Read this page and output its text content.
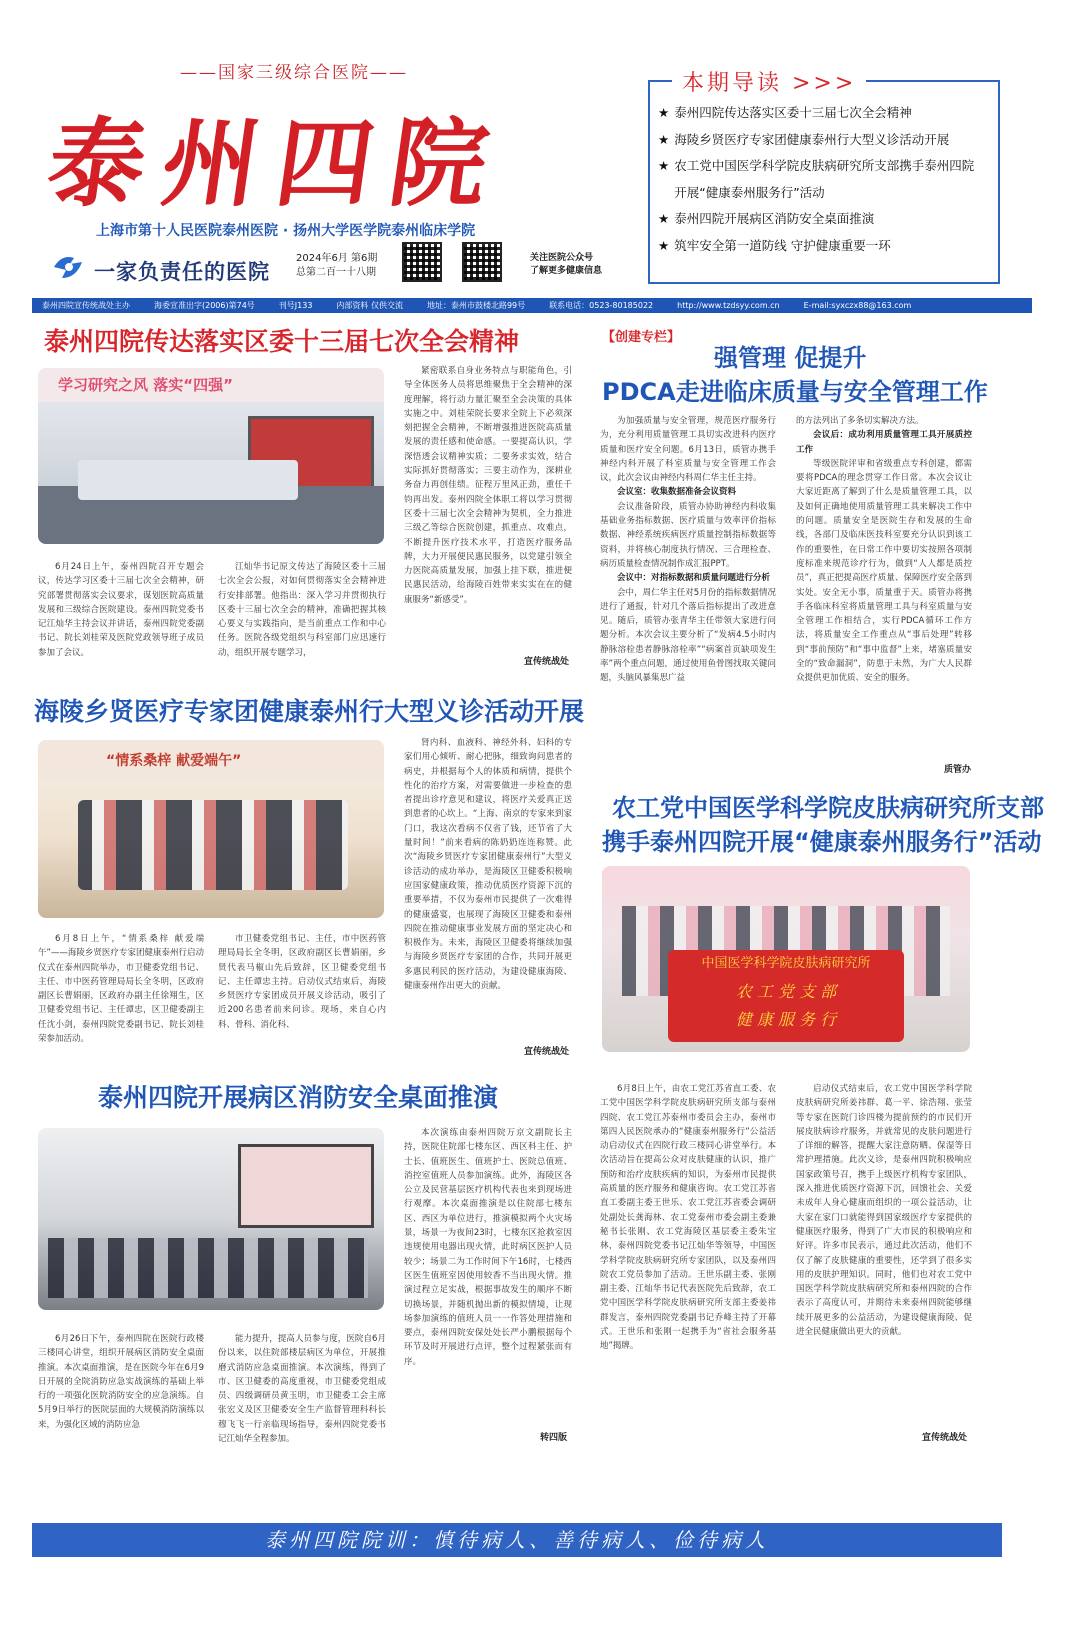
——国家三级综合医院——
泰州四院
上海市第十人民医院泰州医院 · 扬州大学医学院泰州临床学院
一家负责任的医院
2024年6月 第6期
总第二百一十八期
关注医院公众号
了解更多健康信息
本期导读 >>>
★ 泰州四院传达落实区委十三届七次全会精神
★ 海陵乡贤医疗专家团健康泰州行大型义诊活动开展
★ 农工党中国医学科学院皮肤病研究所支部携手泰州四院
开展“健康泰州服务行”活动
★ 泰州四院开展病区消防安全桌面推演
★ 筑牢安全第一道防线 守护健康重要一环
泰州四院宣传统战处主办	海委宣准出字(2006)第74号	刊号J133	内部资料 仅供交流	地址：泰州市鼓楼北路99号	联系电话：0523-80185022	http://www.tzdsyy.com.cn	E-mail:syxczx88@163.com
泰州四院传达落实区委十三届七次全会精神
学习研究之风 落实“四强”

6月24日上午，泰州四院召开专题会议，传达学习区委十三届七次全会精神，研究部署贯彻落实会议要求，谋划医院高质量发展和三级综合医院建设。泰州四院党委书记江灿华主持会议并讲话，泰州四院党委副书记、院长刘桂荣及医院党政领导班子成员参加了会议。

江灿华书记原文传达了海陵区委十三届七次全会公报，对如何贯彻落实全会精神进行安排部署。他指出：深入学习并贯彻执行区委十三届七次全会的精神，准确把握其核心要义与实践指向，是当前重点工作和中心任务。医院各级党组织与科室部门应迅速行动，组织开展专题学习，

紧密联系自身业务特点与职能角色，引导全体医务人员将思维聚焦于全会精神的深度理解，将行动力量汇聚至全会决策的具体实施之中。刘桂荣院长要求全院上下必须深刻把握全会精神，不断增强推进医院高质量发展的责任感和使命感。一要提高认识，学深悟透会议精神实质；二要务求实效，结合实际抓好贯彻落实；三要主动作为，深耕业务奋力再创佳绩。征程万里风正劲，重任千钧再出发。泰州四院全体职工将以学习贯彻区委十三届七次全会精神为契机，全力推进三级乙等综合医院创建，抓重点、攻难点，不断提升医疗技术水平，打造医疗服务品牌，大力开展便民惠民服务，以党建引领全力医院高质量发展，加强上挂下联，推进便民惠民活动，给海陵百姓带来实实在在的健康服务“新感受”。

宣传统战处
海陵乡贤医疗专家团健康泰州行大型义诊活动开展
“情系桑梓 献爱端午”

6月8日上午，“情系桑梓 献爱端午”——海陵乡贤医疗专家团健康泰州行启动仪式在泰州四院举办，市卫健委党组书记、主任、市中医药管理局局长全冬明，区政府副区长曹娟丽，区政府办副主任徐翔生，区卫健委党组书记、主任谭忠，区卫健委副主任沈小剑，泰州四院党委副书记、院长刘桂荣参加活动。

市卫健委党组书记、主任，市中医药管理局局长全冬明，区政府副区长曹娟丽，乡贤代表马椒山先后致辞，区卫健委党组书记、主任谭忠主持。启动仪式结束后，海陵乡贤医疗专家团成员开展义诊活动，吸引了近200名患者前来问诊。现场，来自心内科、骨科、消化科、

肾内科、血液科、神经外科、妇科的专家们用心倾听、耐心把脉，细致询问患者的病史，并根据每个人的体质和病情，提供个性化的治疗方案，对需要做进一步检查的患者提出诊疗意见和建议，将医疗关爱真正送到患者的心坎上。“上海、南京的专家来到家门口，我这次看病不仅省了钱，还节省了大量时间！”前来看病的陈奶奶连连称赞。此次“海陵乡贤医疗专家团健康泰州行”大型义诊活动的成功举办，是海陵区卫健委积极响应国家健康政策，推动优质医疗资源下沉的重要举措，不仅为泰州市民提供了一次难得的健康盛宴，也展现了海陵区卫健委和泰州四院在推动健康事业发展方面的坚定决心和积极作为。未来，海陵区卫健委将继续加强与海陵乡贤医疗专家团的合作，共同开展更多惠民利民的医疗活动，为建设健康海陵、健康泰州作出更大的贡献。

宣传统战处
泰州四院开展病区消防安全桌面推演

6月26日下午，泰州四院在医院行政楼三楼同心讲堂，组织开展病区消防安全桌面推演。本次桌面推演，是在医院今年在6月9日开展的全院消防应急实战演练的基础上举行的一项强化医院消防安全的应急演练。自5月9日举行的医院层面的大规模消防演练以来，为强化区域的消防应急

能力提升，提高人员参与度，医院自6月份以来，以住院部楼层病区为单位，开展推磨式消防应急桌面推演。本次演练，得到了市、区卫健委的高度重视，市卫健委党组成员、四级调研员黄玉明，市卫健委工会主席张宏义及区卫健委安全生产监督管理科科长穆飞飞一行亲临现场指导，泰州四院党委书记江灿华全程参加。

本次演练由泰州四院万京文副院长主持，医院住院部七楼东区、西区科主任、护士长、值班医生、值班护士、医院总值班、消控室值班人员参加演练。此外，海陵区各公立及民营基层医疗机构代表也来到现场进行观摩。本次桌面推演是以住院部七楼东区、西区为单位进行，推演模拟两个火灾场景，场景一为夜间23时，七楼东区抢救室因违规使用电器出现火情，此时病区医护人员较少；场景二为工作时间下午16时，七楼西区医生值班室因使用较香不当出现火情。推演过程立足实战，根据事故发生的顺序不断切换场景，并随机抛出新的模拟情境，让现场参加演练的值班人员一一作答处理措施和要点，泰州四院安保处处长严小鹏根据每个环节及时开展进行点评，整个过程紧张而有序。

转四版
【创建专栏】
强管理 促提升
PDCA走进临床质量与安全管理工作

为加强质量与安全管理，规范医疗服务行为，充分利用质量管理工具切实改进科内医疗质量和医疗安全问题。6月13日，质管办携手神经内科开展了科室质量与安全管理工作会议，此次会议由神经内科周仁华主任主持。

会议室：收集数据准备会议资料

会议准备阶段，质管办协助神经内科收集基础业务指标数据、医疗质量与效率评价指标数据、神经系统疾病医疗质量控制指标数据等资料，并将核心制度执行情况、三合理检查、病历质量检查情况制作成汇报PPT。

会议中：对指标数据和质量问题进行分析

会中，周仁华主任对5月份的指标数据情况进行了通报，针对几个落后指标提出了改进意见。随后，质管办张青华主任带领大家进行问题分析。本次会议主要分析了“发病4.5小时内静脉溶栓患者静脉溶栓率”“病案首页缺项发生率”两个重点问题，通过使用鱼骨图找取关键问题，头脑风暴集思广益

的方法列出了多条切实解决方法。

会议后：成功利用质量管理工具开展质控工作

等级医院评审和省级重点专科创建，都需要将PDCA的理念贯穿工作日常。本次会议让大家近距离了解到了什么是质量管理工具，以及如何正确地使用质量管理工具来解决工作中的问题。质量安全是医院生存和发展的生命线，各部门及临床医技科室要充分认识到该工作的重要性，在日常工作中要切实按照各项制度标准来规范诊疗行为，做到“人人都是质控员”，真正把提高医疗质量、保障医疗安全落到实处。安全无小事，质量重于天。质管办将携手各临床科室将质量管理工具与科室质量与安全管理工作相结合，实行PDCA循环工作方法，将质量安全工作重点从“事后处理”转移到“事前预防”和“事中监督”上来，堵塞质量安全的“致命漏洞”，防患于未然，为广大人民群众提供更加优质、安全的服务。

质管办
农工党中国医学科学院皮肤病研究所支部
携手泰州四院开展“健康泰州服务行”活动
中国医学科学院皮肤病研究所
农 工 党 支 部
健 康 服 务 行

6月8日上午，由农工党江苏省直工委、农工党中国医学科学院皮肤病研究所支部与泰州四院、农工党江苏泰州市委员会主办，泰州市第四人民医院承办的“健康泰州服务行”公益活动启动仪式在四院行政三楼同心讲堂举行。本次活动旨在提高公众对皮肤健康的认识，推广预防和治疗皮肤疾病的知识，为泰州市民提供高质量的医疗服务和健康咨询。农工党江苏省直工委副主委王世乐、农工党江苏省委会调研处副处长龚海林、农工党泰州市委会副主委兼秘书长张刚、农工党海陵区基层委主委朱宝林，泰州四院党委书记江灿华等领导，中国医学科学院皮肤病研究所专家团队，以及泰州四院农工党员参加了活动。王世乐副主委、张刚副主委、江灿华书记代表医院先后致辞，农工党中国医学科学院皮肤病研究所支部主委姜祎群发言，泰州四院党委副书记乔峰主持了开幕式。王世乐和张刚一起携手为“省社会服务基地”揭牌。

启动仪式结束后，农工党中国医学科学院皮肤病研究所姜祎群、葛一平、徐浩翔、张莹等专家在医院门诊四楼为提前预约的市民们开展皮肤病诊疗服务，并就常见的皮肤问题进行了详细的解答，提醒大家注意防晒、保湿等日常护理措施。此次义诊，是泰州四院积极响应国家政策号召，携手上级医疗机构专家团队，深入推进优质医疗资源下沉，回馈社会、关爱未成年人身心健康而组织的一项公益活动，让大家在家门口就能得到国家级医疗专家提供的健康医疗服务，得到了广大市民的积极响应和好评。许多市民表示，通过此次活动，他们不仅了解了皮肤健康的重要性，还学到了很多实用的皮肤护理知识。同时，他们也对农工党中国医学科学院皮肤病研究所和泰州四院的合作表示了高度认可，并期待未来泰州四院能够继续开展更多的公益活动，为建设健康海陵、促进全民健康做出更大的贡献。

宣传统战处
泰州四院院训：慎待病人、善待病人、俭待病人
